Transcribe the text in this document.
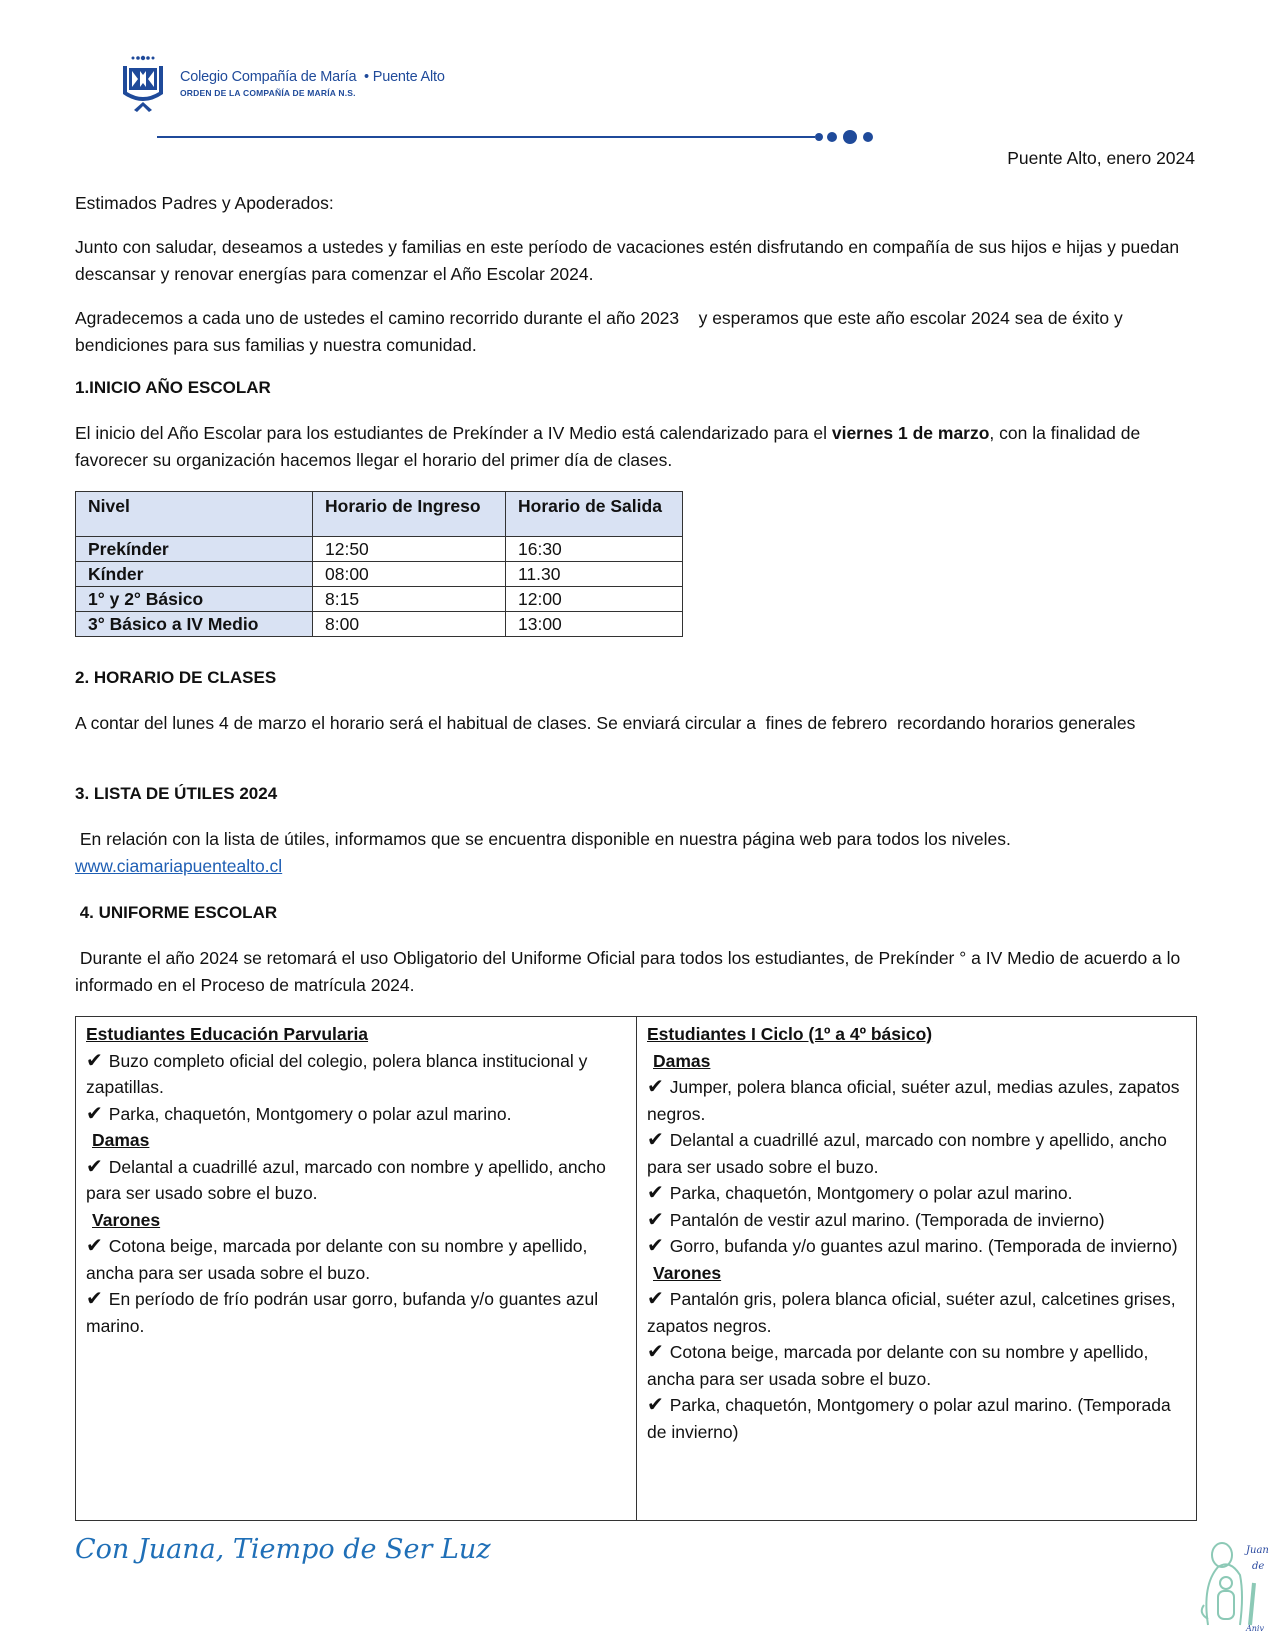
Colegio Compañía de María • Puente Alto
ORDEN DE LA COMPAÑÍA DE MARÍA N.S.
Puente Alto, enero 2024
Estimados Padres y Apoderados:
Junto con saludar, deseamos a ustedes y familias en este período de vacaciones estén disfrutando en compañía de sus hijos e hijas y puedan descansar y renovar energías para comenzar el Año Escolar 2024.
Agradecemos a cada uno de ustedes el camino recorrido durante el año 2023    y esperamos que este año escolar 2024 sea de éxito y bendiciones para sus familias y nuestra comunidad.
1.INICIO AÑO ESCOLAR
El inicio del Año Escolar para los estudiantes de Prekínder a IV Medio está calendarizado para el viernes 1 de marzo, con la finalidad de favorecer su organización hacemos llegar el horario del primer día de clases.
Nivel	Horario de Ingreso	Horario de Salida
Prekínder	12:50	16:30
Kínder	08:00	11.30
1° y 2° Básico	8:15	12:00
3° Básico a IV Medio	8:00	13:00
2. HORARIO DE CLASES
A contar del lunes 4 de marzo el horario será el habitual de clases. Se enviará circular a  fines de febrero  recordando horarios generales
3. LISTA DE ÚTILES 2024
En relación con la lista de útiles, informamos que se encuentra disponible en nuestra página web para todos los niveles.
www.ciamariapuentealto.cl
4. UNIFORME ESCOLAR
Durante el año 2024 se retomará el uso Obligatorio del Uniforme Oficial para todos los estudiantes, de Prekínder ° a IV Medio de acuerdo a lo informado en el Proceso de matrícula 2024.
Estudiantes Educación Parvularia
✔ Buzo completo oficial del colegio, polera blanca institucional y zapatillas.
✔ Parka, chaquetón, Montgomery o polar azul marino.
Damas
✔ Delantal a cuadrillé azul, marcado con nombre y apellido, ancho para ser usado sobre el buzo.
Varones
✔ Cotona beige, marcada por delante con su nombre y apellido, ancha para ser usada sobre el buzo.
✔ En período de frío podrán usar gorro, bufanda y/o guantes azul marino.
Estudiantes I Ciclo (1º a 4º básico)
Damas
✔ Jumper, polera blanca oficial, suéter azul, medias azules, zapatos negros.
✔ Delantal a cuadrillé azul, marcado con nombre y apellido, ancho para ser usado sobre el buzo.
✔ Parka, chaquetón, Montgomery o polar azul marino.
✔ Pantalón de vestir azul marino. (Temporada de invierno)
✔ Gorro, bufanda y/o guantes azul marino. (Temporada de invierno)
Varones
✔ Pantalón gris, polera blanca oficial, suéter azul, calcetines grises, zapatos negros.
✔ Cotona beige, marcada por delante con su nombre y apellido, ancha para ser usada sobre el buzo.
✔ Parka, chaquetón, Montgomery o polar azul marino. (Temporada de invierno)
Con Juana, Tiempo de Ser Luz	Juan
de
Aniv
